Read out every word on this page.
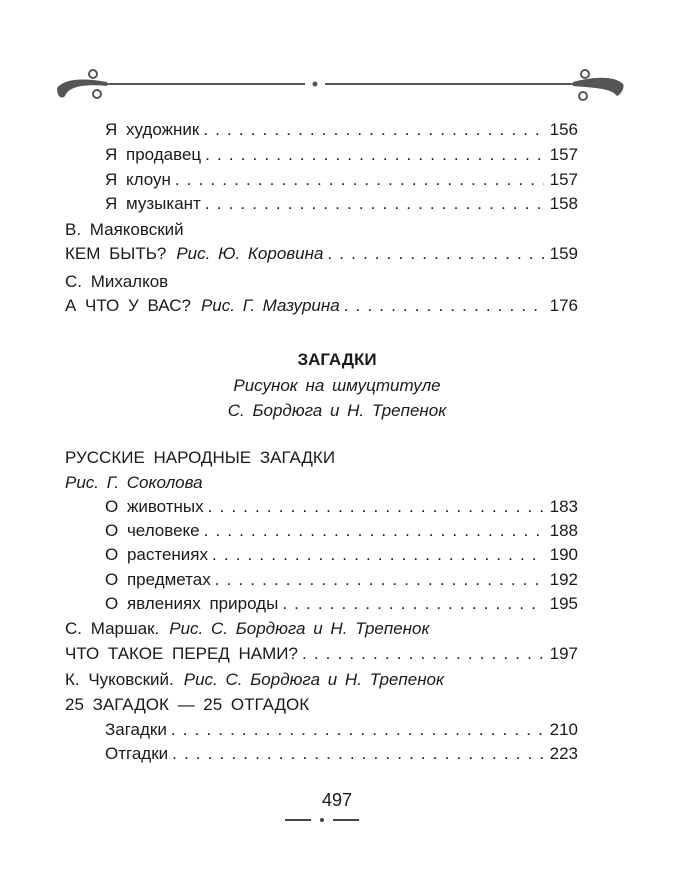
Я художник . . .	156
Я продавец . . .	157
Я клоун . . .	157
Я музыкант . . .	158
В. Маяковский
КЕМ БЫТЬ? Рис. Ю. Коровина . . .	159
С. Михалков
А ЧТО У ВАС? Рис. Г. Мазурина . . .	176
ЗАГАДКИ
Рисунок на шмуцтитуле
С. Бордюга и Н. Трепенок
РУССКИЕ НАРОДНЫЕ ЗАГАДКИ
Рис. Г. Соколова
О животных . . .	183
О человеке . . .	188
О растениях . . .	190
О предметах . . .	192
О явлениях природы . . .	195
С. Маршак. Рис. С. Бордюга и Н. Трепенок
ЧТО ТАКОЕ ПЕРЕД НАМИ? . . .	197
К. Чуковский. Рис. С. Бордюга и Н. Трепенок
25 ЗАГАДОК — 25 ОТГАДОК
Загадки . . .	210
Отгадки . . .	223
497
